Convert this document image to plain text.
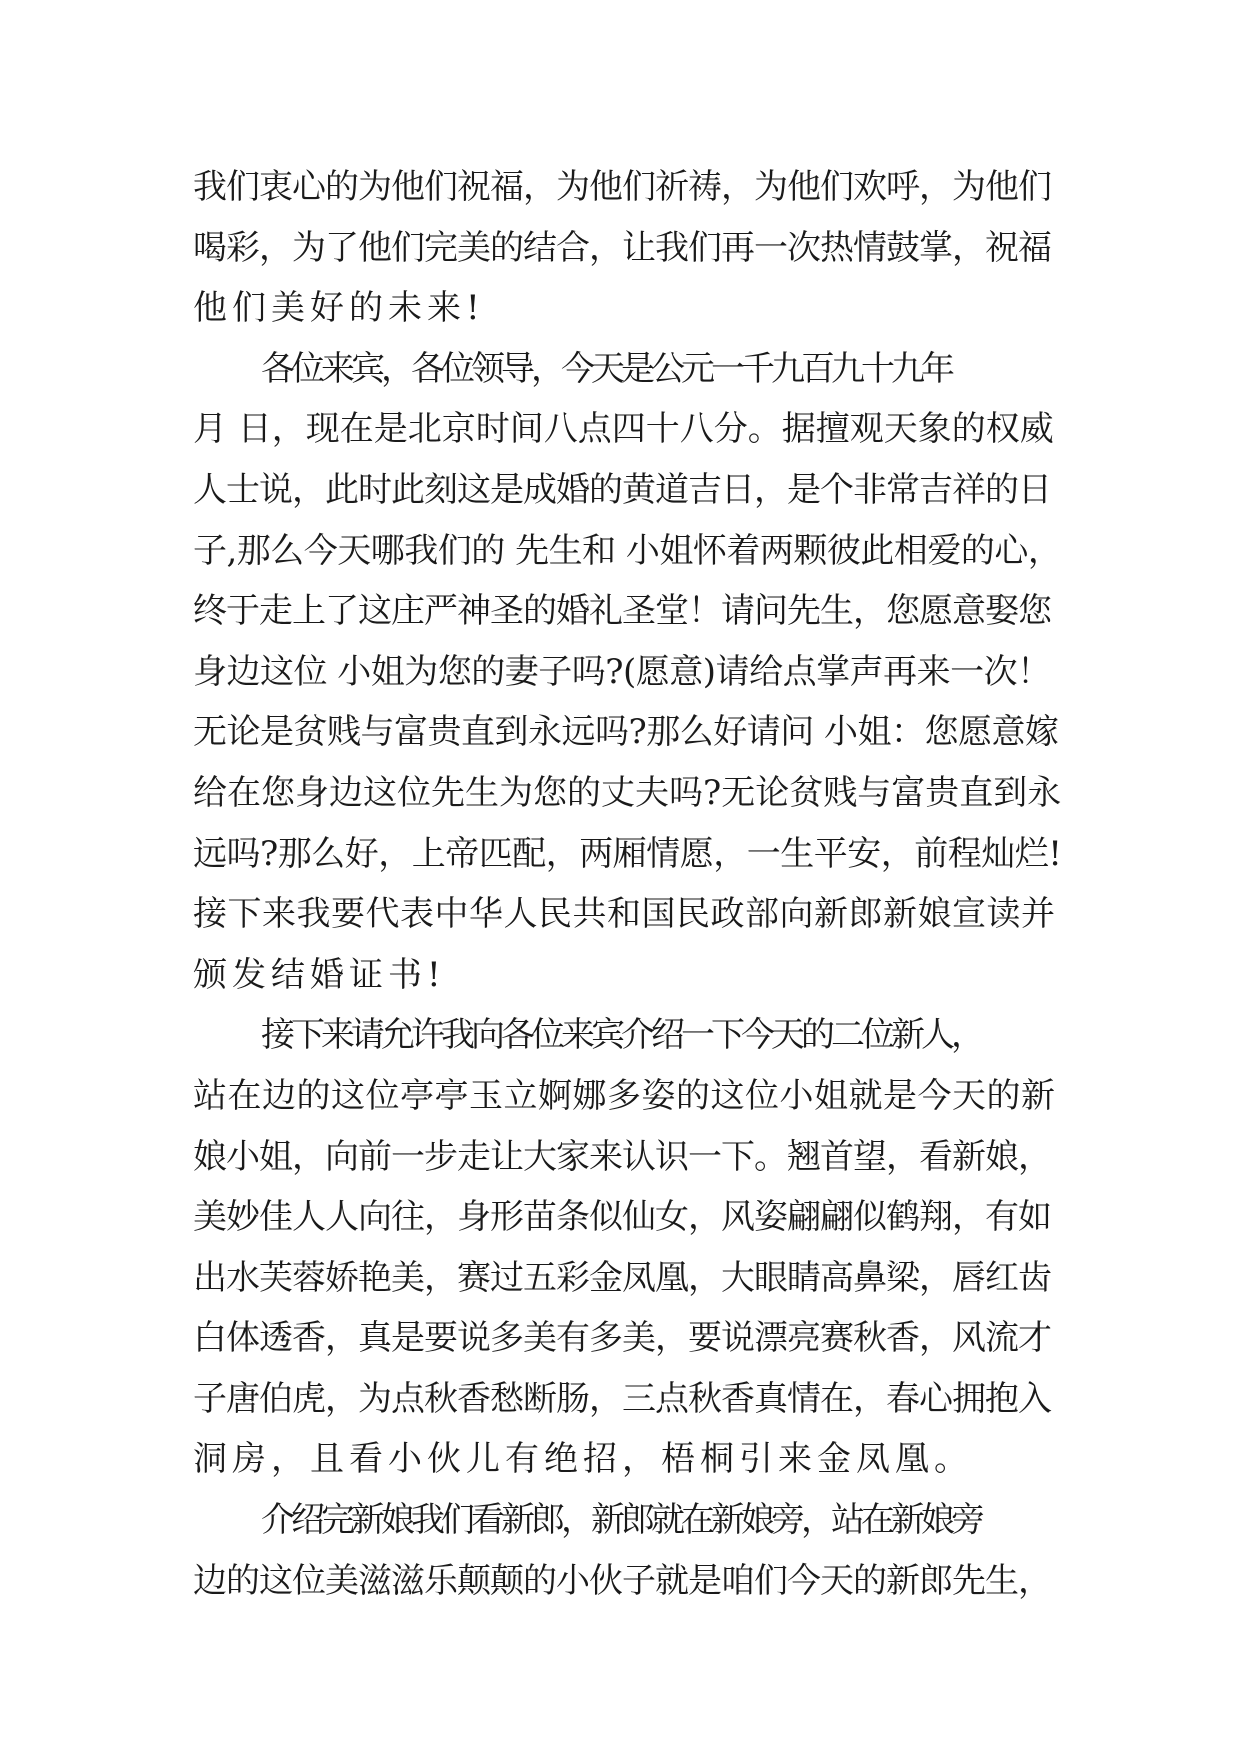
我们衷心的为他们祝福，为他们祈祷，为他们欢呼，为他们
喝彩，为了他们完美的结合，让我们再一次热情鼓掌，祝福
他们美好的未来!
各位来宾，各位领导，今天是公元一千九百九十九年
月 日，现在是北京时间八点四十八分。据擅观天象的权威
人士说，此时此刻这是成婚的黄道吉日，是个非常吉祥的日
子,那么今天哪我们的 先生和 小姐怀着两颗彼此相爱的心，
终于走上了这庄严神圣的婚礼圣堂！请问先生，您愿意娶您
身边这位 小姐为您的妻子吗?(愿意)请给点掌声再来一次！
无论是贫贱与富贵直到永远吗?那么好请问 小姐：您愿意嫁
给在您身边这位先生为您的丈夫吗?无论贫贱与富贵直到永
远吗?那么好，上帝匹配，两厢情愿，一生平安，前程灿烂!
接下来我要代表中华人民共和国民政部向新郎新娘宣读并
颁发结婚证书!
接下来请允许我向各位来宾介绍一下今天的二位新人，
站在边的这位亭亭玉立婀娜多姿的这位小姐就是今天的新
娘小姐，向前一步走让大家来认识一下。翘首望，看新娘，
美妙佳人人向往，身形苗条似仙女，风姿翩翩似鹤翔，有如
出水芙蓉娇艳美，赛过五彩金凤凰，大眼睛高鼻梁，唇红齿
白体透香，真是要说多美有多美，要说漂亮赛秋香，风流才
子唐伯虎，为点秋香愁断肠，三点秋香真情在，春心拥抱入
洞房，且看小伙儿有绝招，梧桐引来金凤凰。
介绍完新娘我们看新郎，新郎就在新娘旁，站在新娘旁
边的这位美滋滋乐颠颠的小伙子就是咱们今天的新郎先生，
